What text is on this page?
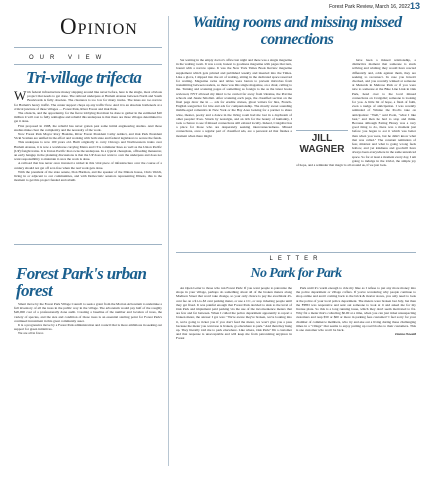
Forest Park Review, March 16, 2022 13
Opinion
OUR VIEW
Tri-village trifecta

With federal infrastructure money slapping around like never before, here is the single, most obvious project that needs to get done. The railroad underpass at Harlem Avenue between North and South Boulevards is fully obsolete. The clearance is too low for many trucks. The lanes are too narrow for Harlem's heavy traffic. The center support chops up any traffic flow. And it is an absolute bottleneck at a critical juncture of three villages — Forest Park, River Forest and Oak Park.

The obstacle, and the opportunity, for the fierce lobbying that must be done to gather in the estimated $20 million it will cost to fully reimagine and rebuild this underpass is that there are three villages determined to get it done.

First proposed in 1998, the rebuild has never gotten past some initial engineering studies. And those studies make clear the complexity and the necessity of the work.

Now Forest Park Mayor Rory Hoskins, River Forest President Cathy Adduci, and Oak Park President Vicki Scaman are unified in the effort and working with both state and federal legislators to secure the funds.

This underpass is now 100 years old. Built originally to carry Chicago and Northwestern trains over Harlem Avenue, it is now a workhorse carrying Metra and CTA commuter lines as well as the Union Pacific (UP) freight trains. It is Union Pacific that owns the underpass. In a typical chessplate, offloading maneuver, an early hangup in the planning discussions is that the UP does not want to own the underpass and does not want responsibility to maintain it once the work is done.

A railroad that has never once invested a nickel in this vital piece of infrastructure over the course of a century should not get off scot-free when the real work gets done.

With the president of the state senate, Don Harmon, and the speaker of the Illinois house, Chris Welch, living in or adjacent to our communities, and with Democratic senators representing Illinois, this is the moment to get this project funded and rebuilt.

Forest Park's urban forest

Smart move by the Forest Park Village Council to seek a grant from the Morton Arboretum to undertake a full inventory of all the trees in the public way in the village. The arboretum would pay half of the roughly $20,000 cost of a professionally done audit. Creating a baseline of the number and location of trees, the variety of species, and the size and condition of those trees is an essential starting point for Forest Park's continued investment in this great community asset.

It is a progressive move by a Forest Park administration and council that is more ambitious in seeking out support for green initiatives.

We are all in favor.

Waiting rooms and missing missed connections

Sat waiting in the empty doctor's office last night and there was a single magazine in the waiting room. It was a real, honest to goodness magazine with pages that turn, bound with a narrow spine. It was the New York Times Book Review magazine supplement which gets printed and published weekly and inserted into the Times. Like a glove, I slipped into the art of waiting, sitting in the dedicated space reserved for waiting. Magazine racks and tables were barren to prevent microbes from transmitting between readers, so there was this single magazine, on a chair, calling to me. Turning and scanning pages of something as foreign to me as the latest books reviewed, NYT allowed my mind to be carried far away from Ukraine, the Pravina schools and Jussie Smollett. After scanning each page, the classified section on the final page drew me in — ads for erudite cruises, ghost writers for hire, French-English songwriter for hire and ads for companionship. The mostly sweet sounding middle-aged romantics in New York or the Bay Area looking for a partner to share wine, theater, poetry and a dance in the living room had me lost in a daydream of other peoples' lives. Struck by nostalgia, and an itch for the beauty of humanity, I took a chance to see if missed connections still existed locally. Indeed, Craigslist has a place for those who are desperately seeking interconnectedness. Missed connections, once a regular part of classified ads, are a personal ad that flashes a moment when there might	JILL
WAGNER

have been a missed relationship, a distinctive moment that someone is stuck reliving and wishing they would have reacted differently and, odds against them, they are seeking to reconnect. In case you haven't checked, and you recently winked at someone at Menards in Melrose Park or if you were nice to someone at the Blue Line Link in Oak Park, head over to the local missed connections on Craigslist; someone is looking for you. A little bit of hope, a flash of faith, even a nudge of anticipation. I was recently reminded of Winnie the Pooh's take on anticipation: "Well," said Pooh, "what I like best," and then he had to stop and think. Because although Eating Honey was a very good thing to do, there was a moment just before you began to eat it which was better than when you were, but he didn't know what that was called." The constant reminders of fear, mistrust and what is going wrong feels hollow, and yet kindness and goodwill have always been everywhere in the same unnoticed space. So for at least a moment every day, I am going to indulge in the trivial, the simple joy of hope, and a reminder that magic is all around us, if we just look.

LETTER
No Park for Park

An Open Letter to those who run Forest Park: If you want people to patronize the shops in your village, perhaps do something about all of the broken meters along Madison Street that won't take change, so your only choice is pay the exorbitant 45-cent fee on a $1-to-$3 cent parking meter, or use a CC, or stop ticketing people until they get fixed. It was painful enough that Forest Park decided to sink to the level of Oak Park and implement paid parking via the use of the inconvenience meters that are few and far between. When I called the police department apparently to report a broken meter, the answer I got was: "We're aware they're broken, we're looking into it, we're going to ticket you if you don't feed the meter, we won't give you a pass because the meter you want use is broken, go elsewhere to park." And then they hung up. They literally told me to park elsewhere. Like where, Oak Park? I'm a customer and that response is unacceptable and will keep me from patronizing anyplace in Forest

Park until it's warm enough to ride my bike as I refuse to put any more money into the police department or village coffers. If you're wondering why people continue to shop online and aren't coming back to the brick & mortar stores, you only need to look at the police of your local police department. The meters were broken last July, but then the FPPD was responsive and sent out someone to look at it and asked me for my license plate. So this is a long running issue, which they don't seem motivated to fix. Why fix a meter that's collecting $0.00 at a time, when you can just ticket unsuspecting customers and reap $50 or $60 or more in parking fees customer? I feel sorry for your chamber of commerce members, who try and eke out a living during these challenging times in a "village" that seems to enjoy putting up road blocks to their customers. This is one customer who won't be back.

Donna Oswald
